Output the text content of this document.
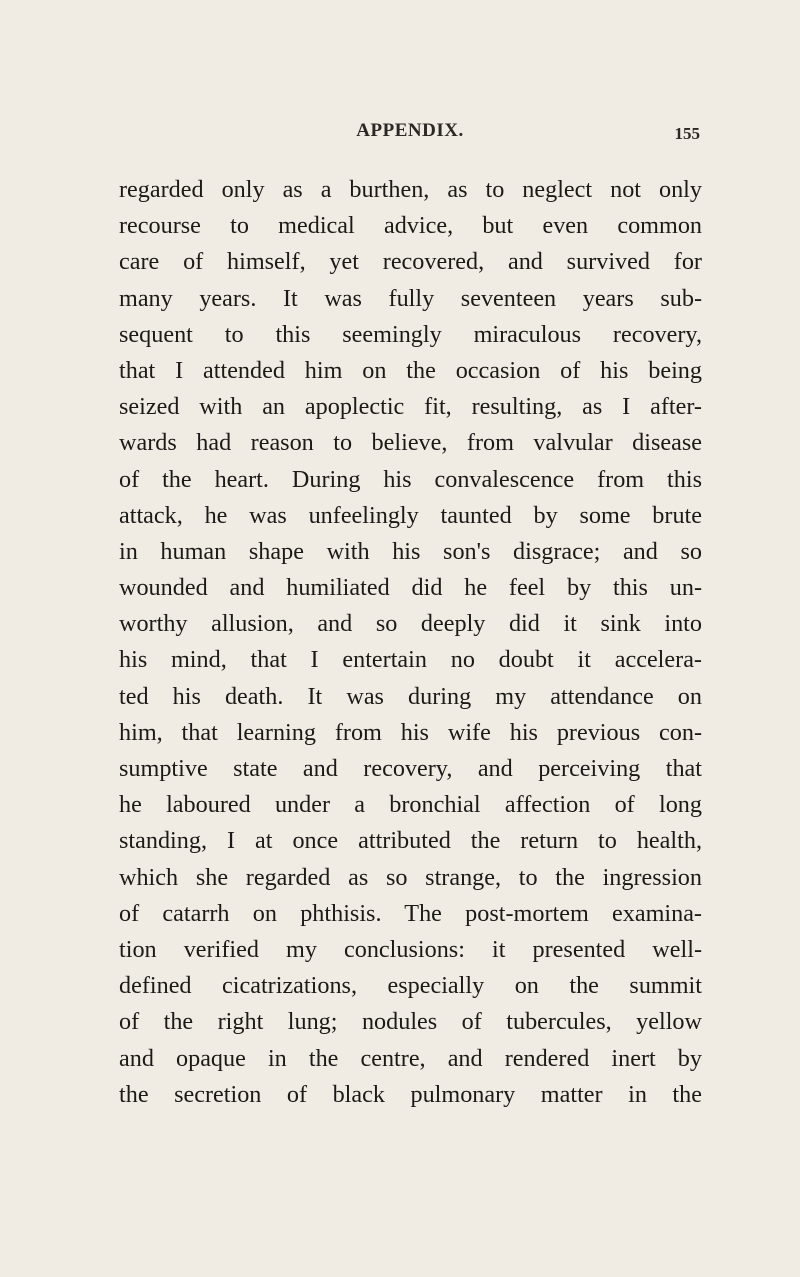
APPENDIX.	155
regarded only as a burthen, as to neglect not only
recourse to medical advice, but even common
care of himself, yet recovered, and survived for
many years. It was fully seventeen years sub-
sequent to this seemingly miraculous recovery,
that I attended him on the occasion of his being
seized with an apoplectic fit, resulting, as I after-
wards had reason to believe, from valvular disease
of the heart. During his convalescence from this
attack, he was unfeelingly taunted by some brute
in human shape with his son's disgrace; and so
wounded and humiliated did he feel by this un-
worthy allusion, and so deeply did it sink into
his mind, that I entertain no doubt it accelera-
ted his death. It was during my attendance on
him, that learning from his wife his previous con-
sumptive state and recovery, and perceiving that
he laboured under a bronchial affection of long
standing, I at once attributed the return to health,
which she regarded as so strange, to the ingression
of catarrh on phthisis. The post-mortem examina-
tion verified my conclusions: it presented well-
defined cicatrizations, especially on the summit
of the right lung; nodules of tubercules, yellow
and opaque in the centre, and rendered inert by
the secretion of black pulmonary matter in the
